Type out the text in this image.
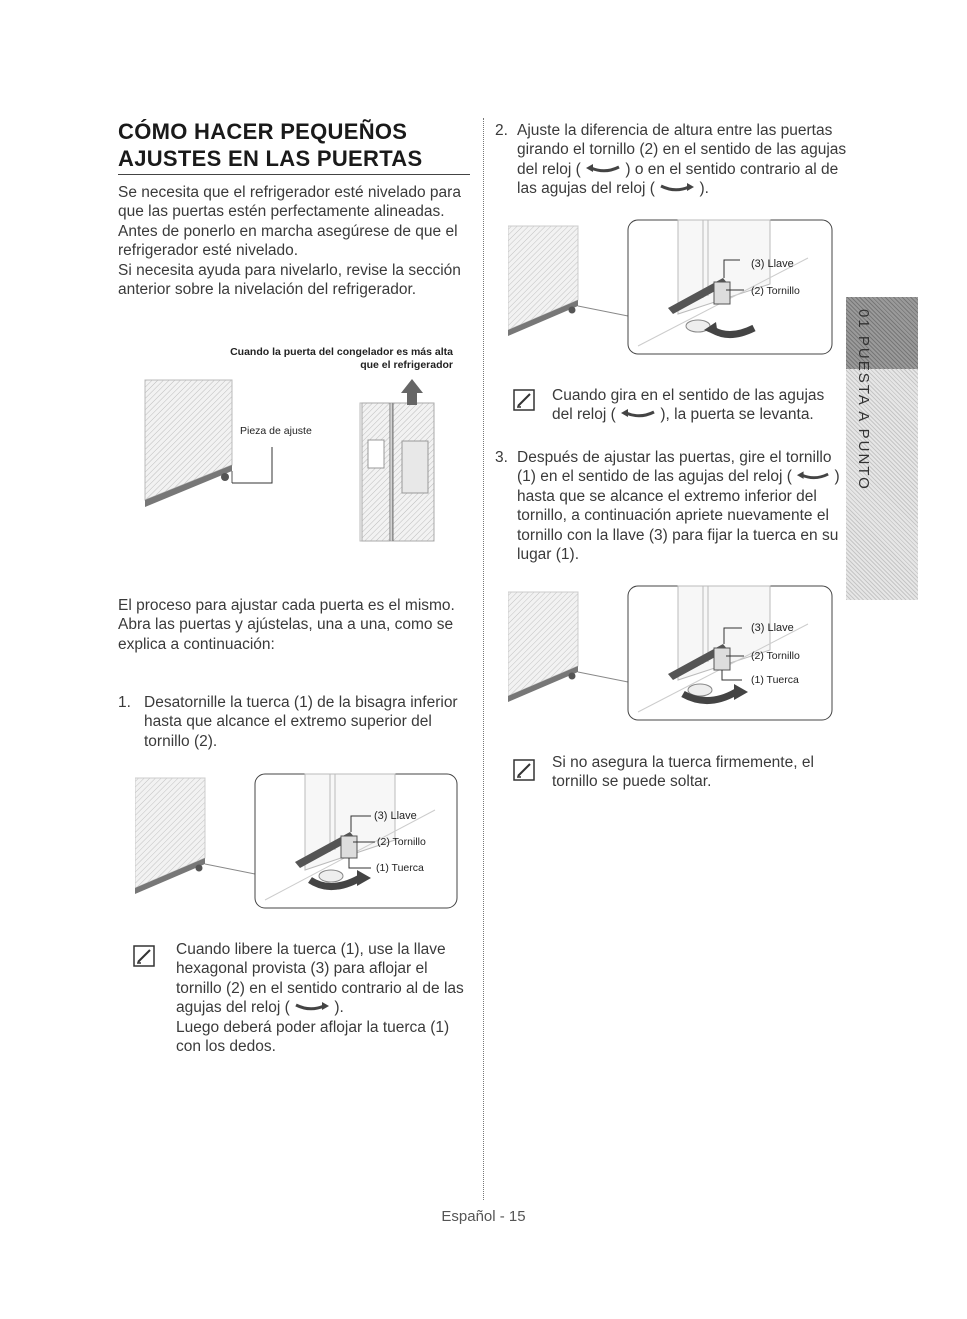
CÓMO HACER PEQUEÑOS
AJUSTES EN LAS PUERTAS
Se necesita que el refrigerador esté nivelado para
que las puertas estén perfectamente alineadas.
Antes de ponerlo en marcha asegúrese de que el
refrigerador esté nivelado.
Si necesita ayuda para nivelarlo, revise la sección
anterior sobre la nivelación del refrigerador.
Cuando la puerta del congelador es más alta
que el refrigerador
Pieza de ajuste
El proceso para ajustar cada puerta es el mismo.
Abra las puertas y ajústelas, una a una, como se
explica a continuación:
1. Desatornille la tuerca (1) de la bisagra inferior
hasta que alcance el extremo superior del
tornillo (2).
(3) Llave
(2) Tornillo
(1) Tuerca
Cuando libere la tuerca (1), use la llave
hexagonal provista (3) para aflojar el
tornillo (2) en el sentido contrario al de las
agujas del reloj (	).
Luego deberá poder aflojar la tuerca (1)
con los dedos.
2. Ajuste la diferencia de altura entre las puertas
girando el tornillo (2) en el sentido de las agujas
del reloj (	) o en el sentido contrario al de
las agujas del reloj (	).
(3) Llave
(2) Tornillo
Cuando gira en el sentido de las agujas
del reloj (	), la puerta se levanta.
3. Después de ajustar las puertas, gire el tornillo
(1) en el sentido de las agujas del reloj (	)
hasta que se alcance el extremo inferior del
tornillo, a continuación apriete nuevamente el
tornillo con la llave (3) para fijar la tuerca en su
lugar (1).
(3) Llave
(2) Tornillo
(1) Tuerca
Si no asegura la tuerca firmemente, el
tornillo se puede soltar.
01 PUESTA A PUNTO
Español - 15
